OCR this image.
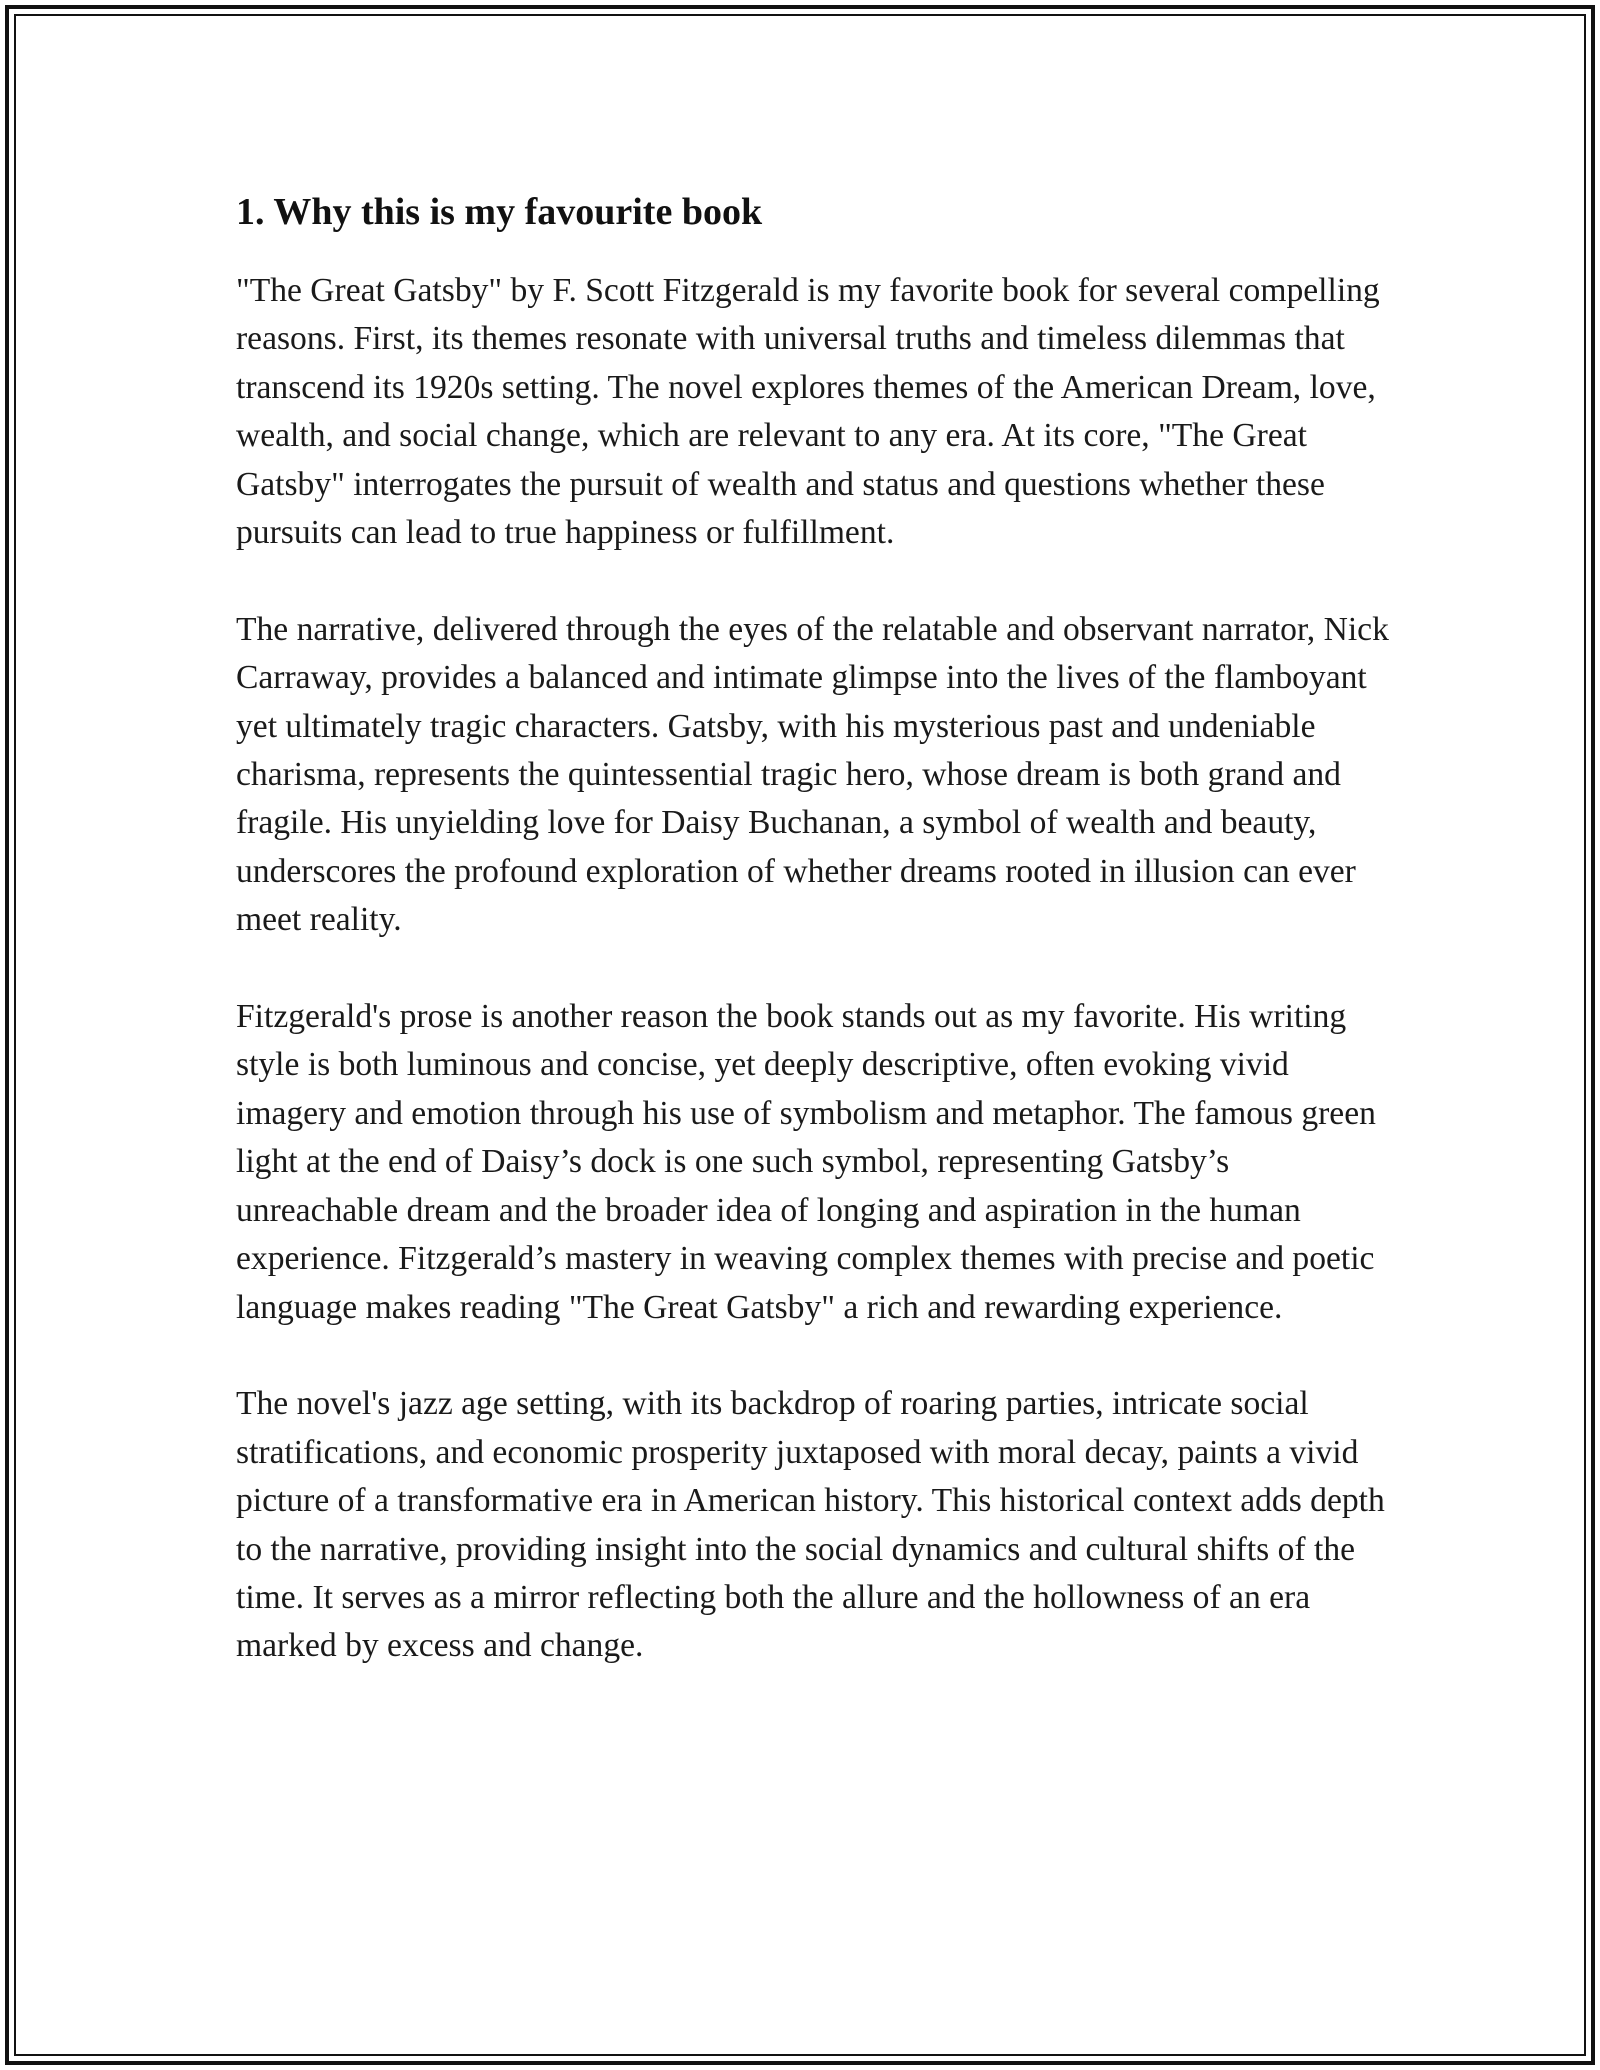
1. Why this is my favourite book

"The Great Gatsby" by F. Scott Fitzgerald is my favorite book for several compelling reasons. First, its themes resonate with universal truths and timeless dilemmas that transcend its 1920s setting. The novel explores themes of the American Dream, love, wealth, and social change, which are relevant to any era. At its core, "The Great Gatsby" interrogates the pursuit of wealth and status and questions whether these pursuits can lead to true happiness or fulfillment.

The narrative, delivered through the eyes of the relatable and observant narrator, Nick Carraway, provides a balanced and intimate glimpse into the lives of the flamboyant yet ultimately tragic characters. Gatsby, with his mysterious past and undeniable charisma, represents the quintessential tragic hero, whose dream is both grand and fragile. His unyielding love for Daisy Buchanan, a symbol of wealth and beauty, underscores the profound exploration of whether dreams rooted in illusion can ever meet reality.

Fitzgerald's prose is another reason the book stands out as my favorite. His writing style is both luminous and concise, yet deeply descriptive, often evoking vivid imagery and emotion through his use of symbolism and metaphor. The famous green light at the end of Daisy’s dock is one such symbol, representing Gatsby’s unreachable dream and the broader idea of longing and aspiration in the human experience. Fitzgerald’s mastery in weaving complex themes with precise and poetic language makes reading "The Great Gatsby" a rich and rewarding experience.

The novel's jazz age setting, with its backdrop of roaring parties, intricate social stratifications, and economic prosperity juxtaposed with moral decay, paints a vivid picture of a transformative era in American history. This historical context adds depth to the narrative, providing insight into the social dynamics and cultural shifts of the time. It serves as a mirror reflecting both the allure and the hollowness of an era marked by excess and change.
